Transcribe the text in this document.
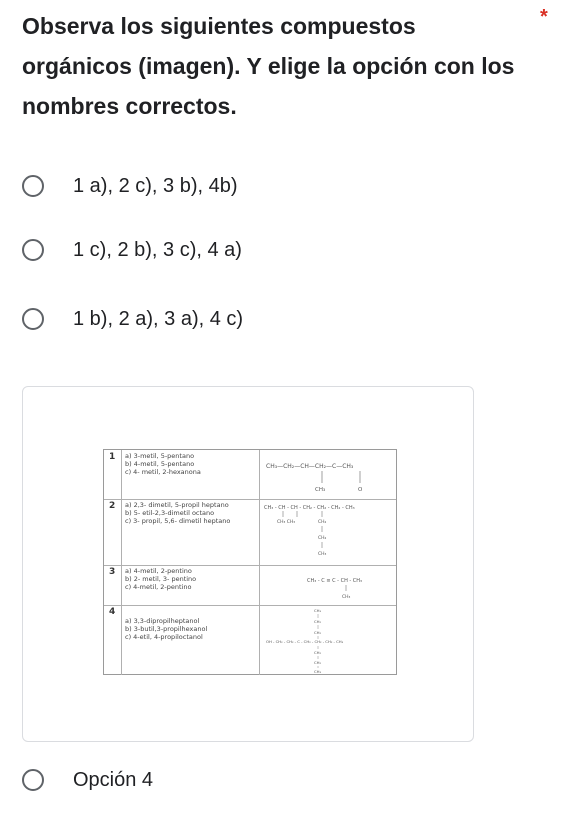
Observa los siguientes compuestos orgánicos (imagen). Y elige la opción con los nombres correctos.
*
1 a), 2 c), 3 b), 4b)
1 c), 2 b), 3 c), 4 a)
1 b), 2 a), 3 a), 4 c)
1 a) 3-metil, 5-pentano
b) 4-metil, 5-pentano
c) 4- metil, 2-hexanona
CH₃—CH₂—CH—CH₂—C—CH₃
CH₃	O
2 a) 2,3- dimetil, 5-propil heptano
b) 5- etil-2,3-dimetil octano
c) 3- propil, 5,6- dimetil heptano
CH₃ - CH - CH - CH₂ - CH₂ - CH₂ - CH₃
CH₃ CH₃	CH₂
CH₂
CH₃
3 a) 4-metil, 2-pentino
b) 2- metil, 3- pentino
c) 4-metil, 2-pentino
CH₃ - C ≡ C - CH - CH₃
CH₃
4
a) 3,3-dipropilheptanol
b) 3-butil,3-propilhexanol
c) 4-etil, 4-propiloctanol
CH₃
CH₂
CH₂
OH - CH₂ - CH₂ - C - CH₂ - CH₂ - CH₂ - CH₃
CH₂
CH₂
CH₃
Opción 4
